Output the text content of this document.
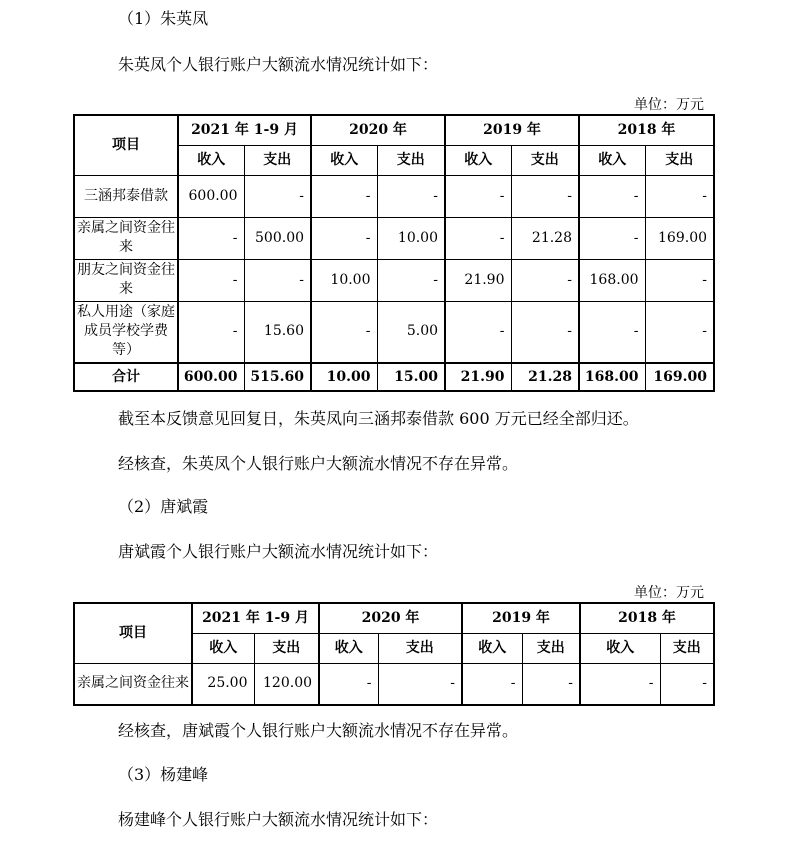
（1）朱英凤
朱英凤个人银行账户大额流水情况统计如下：
单位：万元
项目	2021 年 1-9 月		2020 年		2019 年		2018 年	
	收入	支出	收入	支出	收入	支出	收入	支出
三涵邦泰借款	600.00	-	-	-	-	-	-	-
亲属之间资金往来	-	500.00	-	10.00	-	21.28	-	169.00
朋友之间资金往来	-	-	10.00	-	21.90	-	168.00	-
私人用途（家庭成员学校学费等）	-	15.60	-	5.00	-	-	-	-
合计	600.00	515.60	10.00	15.00	21.90	21.28	168.00	169.00
截至本反馈意见回复日，朱英凤向三涵邦泰借款 600 万元已经全部归还。
经核查，朱英凤个人银行账户大额流水情况不存在异常。
（2）唐斌霞
唐斌霞个人银行账户大额流水情况统计如下：
单位：万元
项目	2021 年 1-9 月		2020 年		2019 年		2018 年	
	收入	支出	收入	支出	收入	支出	收入	支出
亲属之间资金往来	25.00	120.00	-	-	-	-	-	-
经核查，唐斌霞个人银行账户大额流水情况不存在异常。
（3）杨建峰
杨建峰个人银行账户大额流水情况统计如下：
